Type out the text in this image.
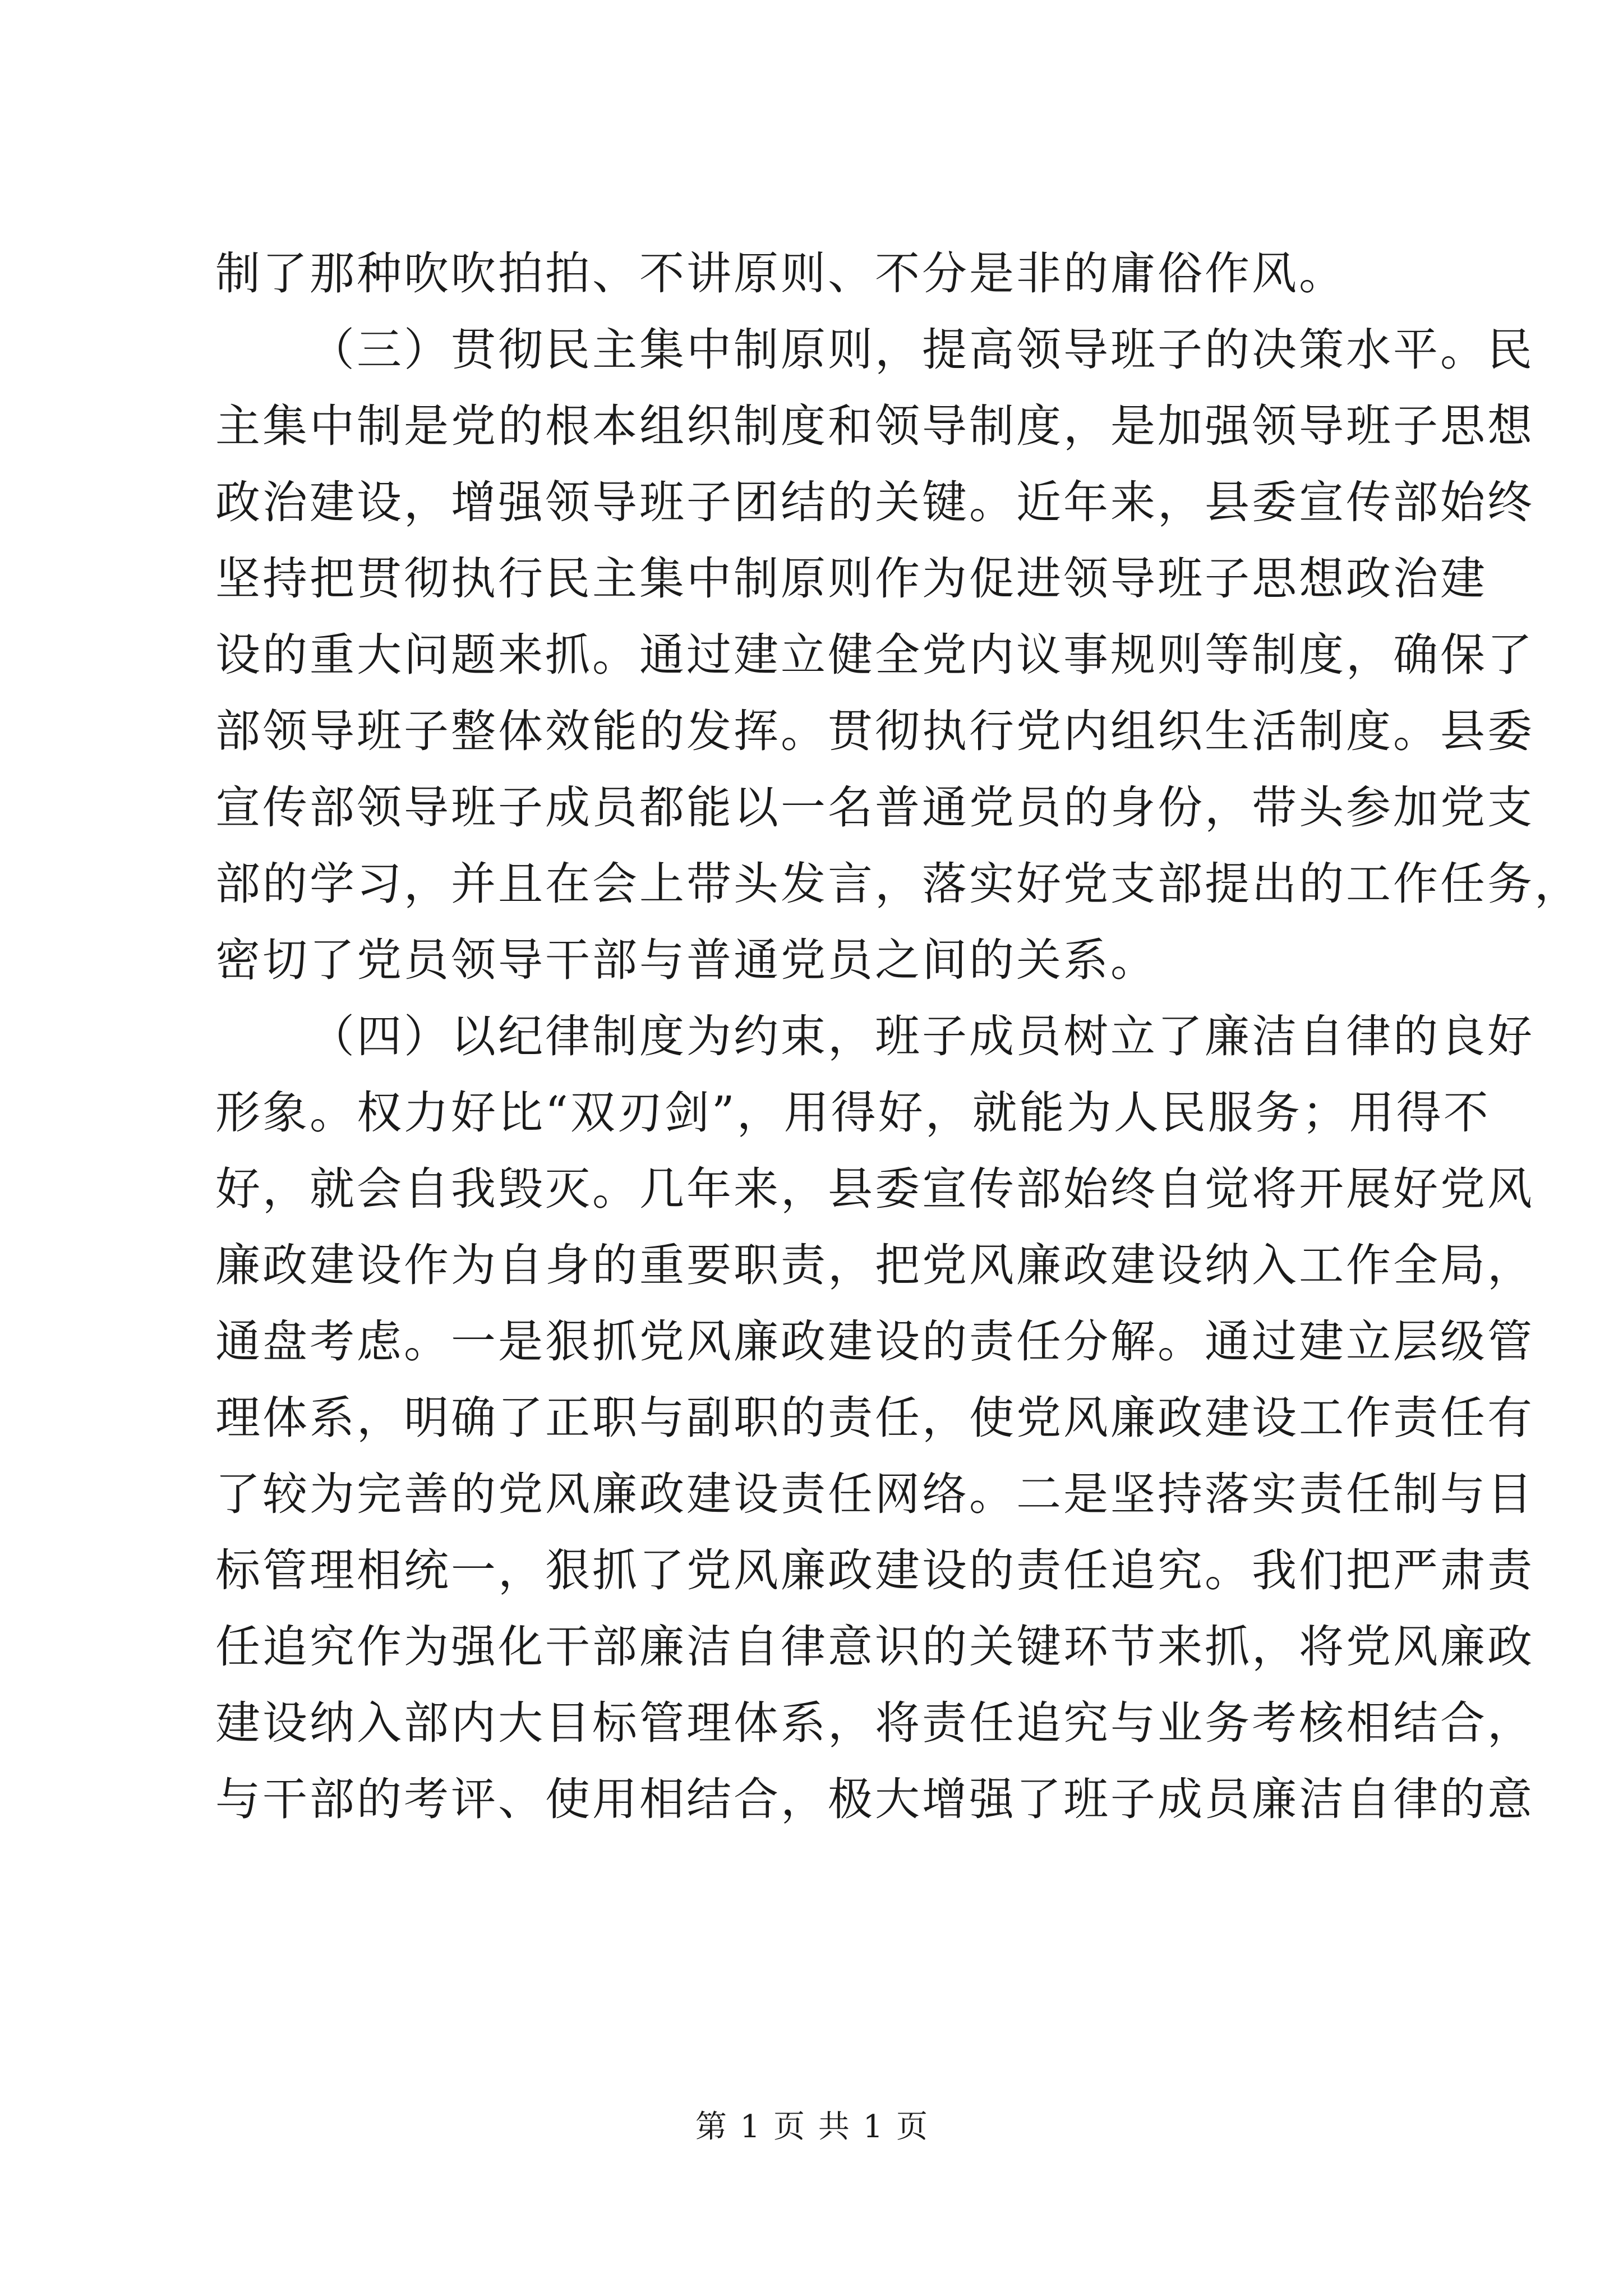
制了那种吹吹拍拍、不讲原则、不分是非的庸俗作风。
（三）贯彻民主集中制原则，提高领导班子的决策水平。民
主集中制是党的根本组织制度和领导制度，是加强领导班子思想
政治建设，增强领导班子团结的关键。近年来，县委宣传部始终
坚持把贯彻执行民主集中制原则作为促进领导班子思想政治建
设的重大问题来抓。通过建立健全党内议事规则等制度，确保了
部领导班子整体效能的发挥。贯彻执行党内组织生活制度。县委
宣传部领导班子成员都能以一名普通党员的身份，带头参加党支
部的学习，并且在会上带头发言，落实好党支部提出的工作任务，
密切了党员领导干部与普通党员之间的关系。
（四）以纪律制度为约束，班子成员树立了廉洁自律的良好
形象。权力好比“双刃剑”，用得好，就能为人民服务；用得不
好，就会自我毁灭。几年来，县委宣传部始终自觉将开展好党风
廉政建设作为自身的重要职责，把党风廉政建设纳入工作全局，
通盘考虑。一是狠抓党风廉政建设的责任分解。通过建立层级管
理体系，明确了正职与副职的责任，使党风廉政建设工作责任有
了较为完善的党风廉政建设责任网络。二是坚持落实责任制与目
标管理相统一，狠抓了党风廉政建设的责任追究。我们把严肃责
任追究作为强化干部廉洁自律意识的关键环节来抓，将党风廉政
建设纳入部内大目标管理体系，将责任追究与业务考核相结合，
与干部的考评、使用相结合，极大增强了班子成员廉洁自律的意
第 1 页 共 1 页
